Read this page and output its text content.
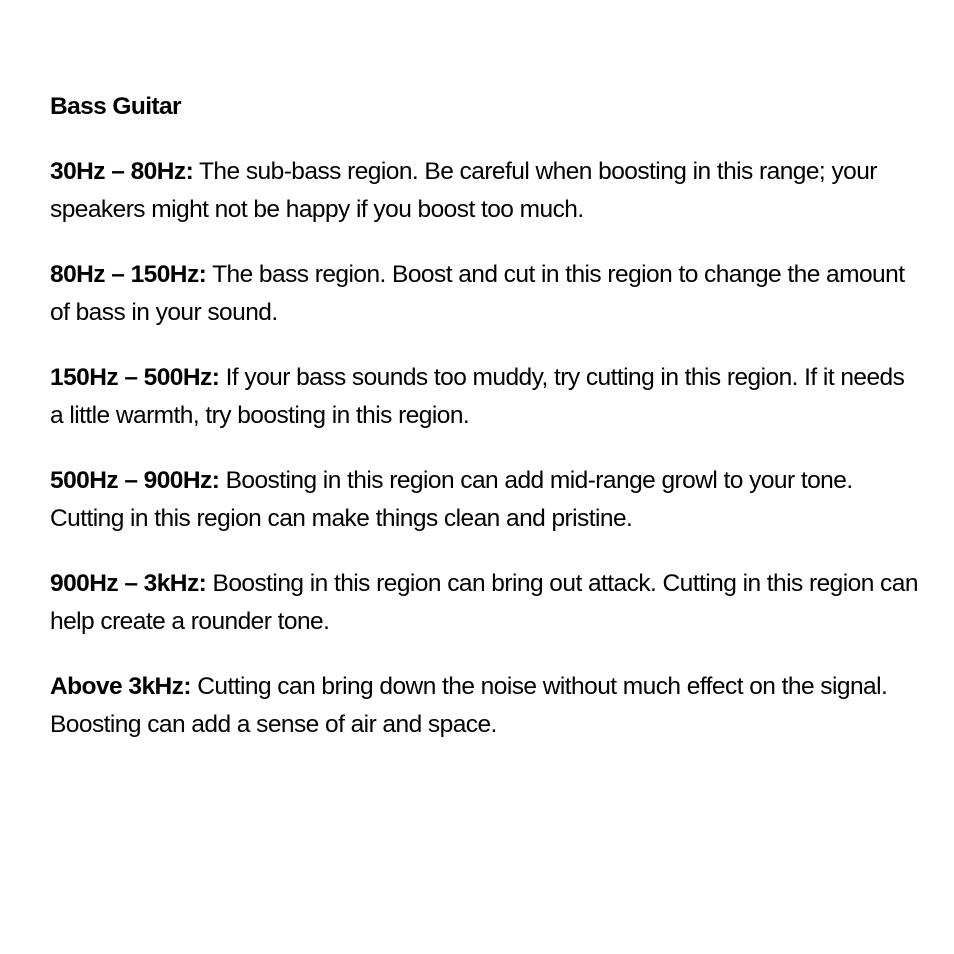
Bass Guitar

30Hz – 80Hz: The sub-bass region. Be careful when boosting in this range; your speakers might not be happy if you boost too much.

80Hz – 150Hz: The bass region. Boost and cut in this region to change the amount of bass in your sound.

150Hz – 500Hz: If your bass sounds too muddy, try cutting in this region. If it needs a little warmth, try boosting in this region.

500Hz – 900Hz: Boosting in this region can add mid-range growl to your tone. Cutting in this region can make things clean and pristine.

900Hz – 3kHz: Boosting in this region can bring out attack. Cutting in this region can help create a rounder tone.

Above 3kHz: Cutting can bring down the noise without much effect on the signal. Boosting can add a sense of air and space.
